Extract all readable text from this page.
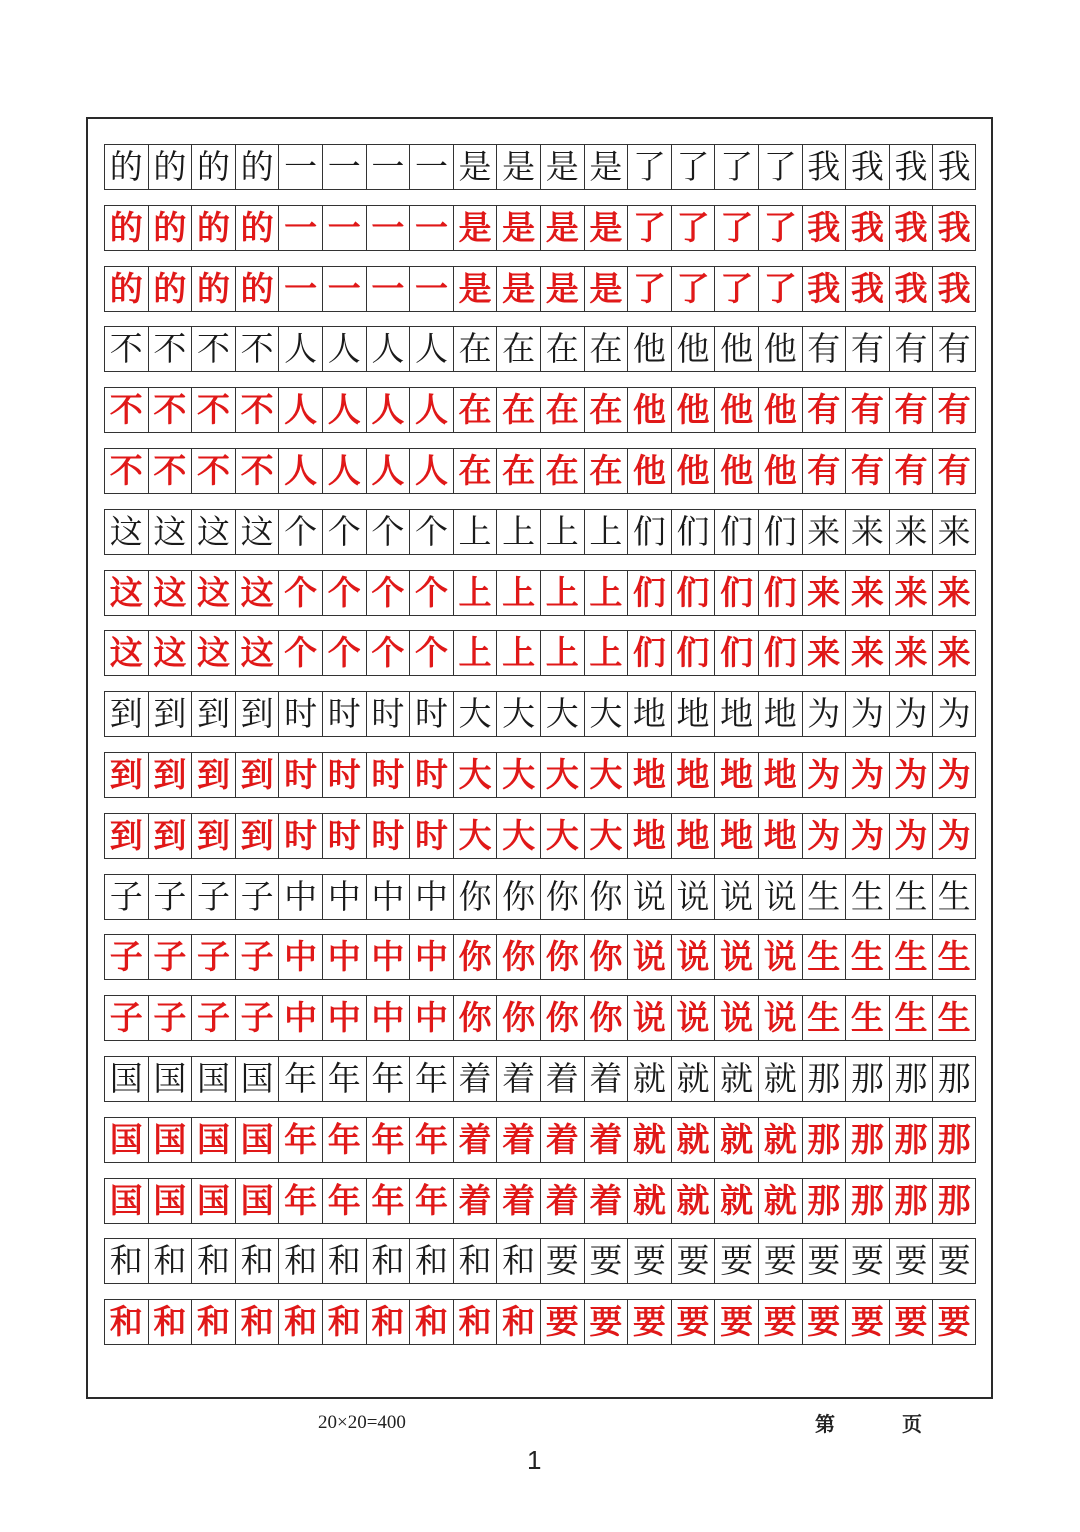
的 的 的 的 一 一 一 一 是 是 是 是 了 了 了 了 我 我 我 我
的 的 的 的 一 一 一 一 是 是 是 是 了 了 了 了 我 我 我 我
的 的 的 的 一 一 一 一 是 是 是 是 了 了 了 了 我 我 我 我
不 不 不 不 人 人 人 人 在 在 在 在 他 他 他 他 有 有 有 有
不 不 不 不 人 人 人 人 在 在 在 在 他 他 他 他 有 有 有 有
不 不 不 不 人 人 人 人 在 在 在 在 他 他 他 他 有 有 有 有
这 这 这 这 个 个 个 个 上 上 上 上 们 们 们 们 来 来 来 来
这 这 这 这 个 个 个 个 上 上 上 上 们 们 们 们 来 来 来 来
这 这 这 这 个 个 个 个 上 上 上 上 们 们 们 们 来 来 来 来
到 到 到 到 时 时 时 时 大 大 大 大 地 地 地 地 为 为 为 为
到 到 到 到 时 时 时 时 大 大 大 大 地 地 地 地 为 为 为 为
到 到 到 到 时 时 时 时 大 大 大 大 地 地 地 地 为 为 为 为
子 子 子 子 中 中 中 中 你 你 你 你 说 说 说 说 生 生 生 生
子 子 子 子 中 中 中 中 你 你 你 你 说 说 说 说 生 生 生 生
子 子 子 子 中 中 中 中 你 你 你 你 说 说 说 说 生 生 生 生
国 国 国 国 年 年 年 年 着 着 着 着 就 就 就 就 那 那 那 那
国 国 国 国 年 年 年 年 着 着 着 着 就 就 就 就 那 那 那 那
国 国 国 国 年 年 年 年 着 着 着 着 就 就 就 就 那 那 那 那
和 和 和 和 和 和 和 和 和 和 要 要 要 要 要 要 要 要 要 要
和 和 和 和 和 和 和 和 和 和 要 要 要 要 要 要 要 要 要 要
20×20=400	第	页
1
